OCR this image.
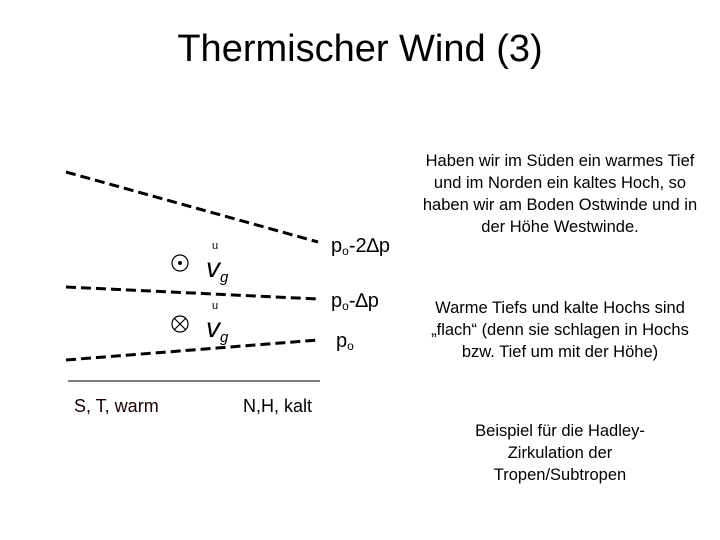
Thermischer Wind (3)
u
$v_g$
u
$v_g$
$p_o-2\Delta p$
$p_o-\Delta p$
$p_o$
S, T, warm	N,H, kalt
Haben wir im Süden ein warmes Tief und im Norden ein kaltes Hoch, so haben wir am Boden Ostwinde und in der Höhe Westwinde.
Warme Tiefs und kalte Hochs sind „flach“ (denn sie schlagen in Hochs bzw. Tief um mit der Höhe)
Beispiel für die Hadley-Zirkulation der Tropen/Subtropen
